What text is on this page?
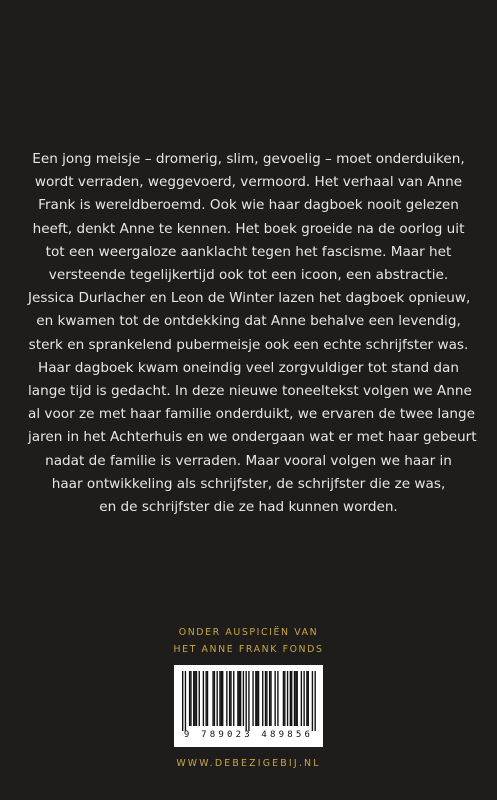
Een jong meisje – dromerig, slim, gevoelig – moet onderduiken,
wordt verraden, weggevoerd, vermoord. Het verhaal van Anne
Frank is wereldberoemd. Ook wie haar dagboek nooit gelezen
heeft, denkt Anne te kennen. Het boek groeide na de oorlog uit
tot een weergaloze aanklacht tegen het fascisme. Maar het
versteende tegelijkertijd ook tot een icoon, een abstractie.
Jessica Durlacher en Leon de Winter lazen het dagboek opnieuw,
en kwamen tot de ontdekking dat Anne behalve een levendig,
sterk en sprankelend pubermeisje ook een echte schrijfster was.
Haar dagboek kwam oneindig veel zorgvuldiger tot stand dan
lange tijd is gedacht. In deze nieuwe toneeltekst volgen we Anne
al voor ze met haar familie onderduikt, we ervaren de twee lange
jaren in het Achterhuis en we ondergaan wat er met haar gebeurt
nadat de familie is verraden. Maar vooral volgen we haar in
haar ontwikkeling als schrijfster, de schrijfster die ze was,
en de schrijfster die ze had kunnen worden.

ONDER AUSPICIËN VAN
HET ANNE FRANK FONDS
9 789023 489856
WWW.DEBEZIGEBIJ.NL
